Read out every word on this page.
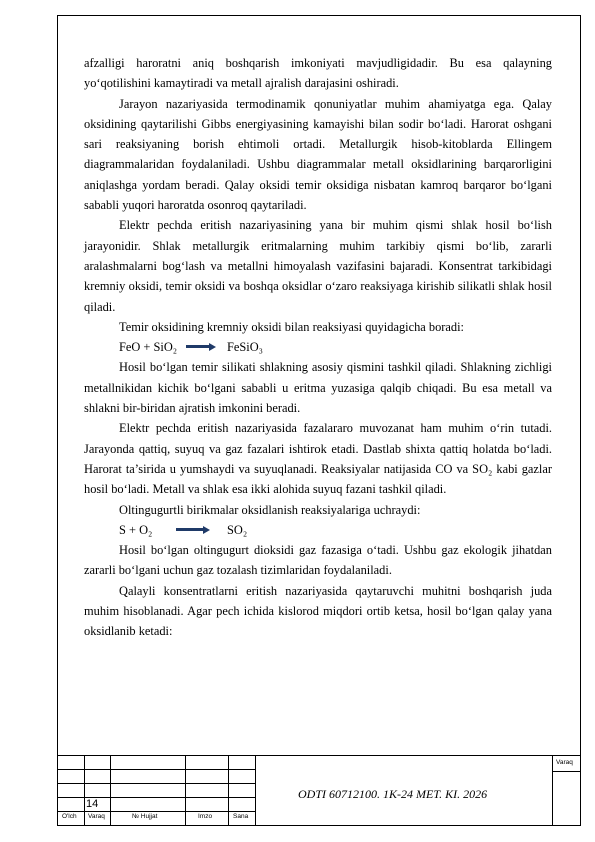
afzalligi haroratni aniq boshqarish imkoniyati mavjudligidadir. Bu esa qalayning yo‘qotilishini kamaytiradi va metall ajralish darajasini oshiradi.

Jarayon nazariyasida termodinamik qonuniyatlar muhim ahamiyatga ega. Qalay oksidining qaytarilishi Gibbs energiyasining kamayishi bilan sodir bo‘ladi. Harorat oshgani sari reaksiyaning borish ehtimoli ortadi. Metallurgik hisob-kitoblarda Ellingem diagrammalaridan foydalaniladi. Ushbu diagrammalar metall oksidlarining barqarorligini aniqlashga yordam beradi. Qalay oksidi temir oksidiga nisbatan kamroq barqaror bo‘lgani sababli yuqori haroratda osonroq qaytariladi.

Elektr pechda eritish nazariyasining yana bir muhim qismi shlak hosil bo‘lish jarayonidir. Shlak metallurgik eritmalarning muhim tarkibiy qismi bo‘lib, zararli aralashmalarni bog‘lash va metallni himoyalash vazifasini bajaradi. Konsentrat tarkibidagi kremniy oksidi, temir oksidi va boshqa oksidlar o‘zaro reaksiyaga kirishib silikatli shlak hosil qiladi.

Temir oksidining kremniy oksidi bilan reaksiyasi quyidagicha boradi:

FeO + SiO₂	FeSiO₃

Hosil bo‘lgan temir silikati shlakning asosiy qismini tashkil qiladi. Shlakning zichligi metallnikidan kichik bo‘lgani sababli u eritma yuzasiga qalqib chiqadi. Bu esa metall va shlakni bir-biridan ajratish imkonini beradi.

Elektr pechda eritish nazariyasida fazalararo muvozanat ham muhim o‘rin tutadi. Jarayonda qattiq, suyuq va gaz fazalari ishtirok etadi. Dastlab shixta qattiq holatda bo‘ladi. Harorat ta’sirida u yumshaydi va suyuqlanadi. Reaksiyalar natijasida CO va SO₂ kabi gazlar hosil bo‘ladi. Metall va shlak esa ikki alohida suyuq fazani tashkil qiladi.

Oltingugurtli birikmalar oksidlanish reaksiyalariga uchraydi:

S + O₂	SO₂

Hosil bo‘lgan oltingugurt dioksidi gaz fazasiga o‘tadi. Ushbu gaz ekologik jihatdan zararli bo‘lgani uchun gaz tozalash tizimlaridan foydalaniladi.

Qalayli konsentratlarni eritish nazariyasida qaytaruvchi muhitni boshqarish juda muhim hisoblanadi. Agar pech ichida kislorod miqdori ortib ketsa, hosil bo‘lgan qalay yana oksidlanib ketadi:

O'lch Varaq	№ Hujjat	Imzo	Sana
14
ODTI 60712100. 1K-24 MET. KI. 2026
Varaq
